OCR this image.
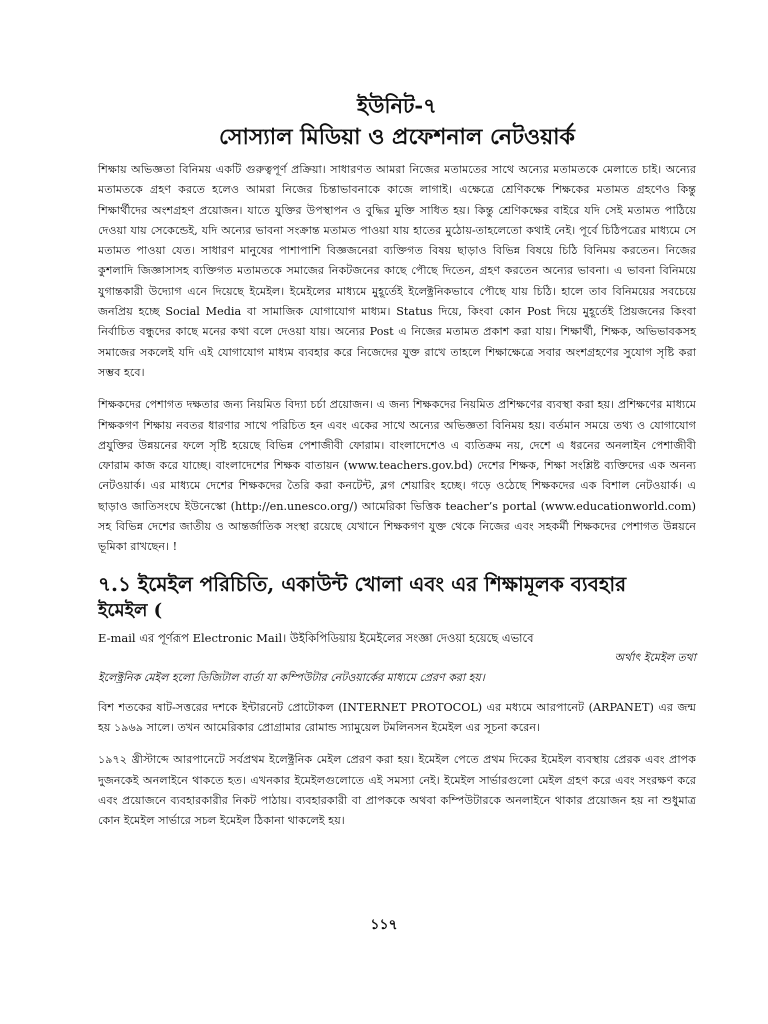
ইউনিট-৭
সোস্যাল মিডিয়া ও প্রফেশনাল নেটওয়ার্ক

শিক্ষায় অভিজ্ঞতা বিনিময় একটি গুরুত্বপূর্ণ প্রক্রিয়া। সাধারণত আমরা নিজের মতামতের সাথে অন্যের মতামতকে মেলাতে চাই। অন্যের মতামতকে গ্রহণ করতে হলেও আমরা নিজের চিন্তাভাবনাকে কাজে লাগাই। এক্ষেত্রে শ্রেণিকক্ষে শিক্ষকের মতামত গ্রহণেও কিন্তু শিক্ষার্থীদের অংশগ্রহণ প্রয়োজন। যাতে যুক্তির উপস্থাপন ও বুদ্ধির মুক্তি সাধিত হয়। কিন্তু শ্রেণিকক্ষের বাইরে যদি সেই মতামত পাঠিয়ে দেওয়া যায় সেকেন্ডেই, যদি অন্যের ভাবনা সংক্রান্ত মতামত পাওয়া যায় হাতের মুঠোয়-তাহলেতো কথাই নেই। পূর্বে চিঠিপত্রের মাধ্যমে সে মতামত পাওয়া যেত। সাধারণ মানুষের পাশাপাশি বিজ্ঞজনেরা ব্যক্তিগত বিষয় ছাড়াও বিভিন্ন বিষয়ে চিঠি বিনিময় করতেন। নিজের কুশলাদি জিজ্ঞাসাসহ ব্যক্তিগত মতামতকে সমাজের নিকটজনের কাছে পৌছে দিতেন, গ্রহণ করতেন অন্যের ভাবনা। এ ভাবনা বিনিময়ে যুগান্তকারী উদ্যোগ এনে দিয়েছে ইমেইল। ইমেইলের মাধ্যমে মুহূর্তেই ইলেক্ট্রনিকভাবে পৌছে যায় চিঠি। হালে তাব বিনিময়ের সবচেয়ে জনপ্রিয় হচ্ছে Social Media বা সামাজিক যোগাযোগ মাধ্যম। Status দিয়ে, কিংবা কোন Post দিয়ে মুহূর্তেই প্রিয়জনের কিংবা নির্বাচিত বন্ধুদের কাছে মনের কথা বলে দেওয়া যায়। অন্যের Post এ নিজের মতামত প্রকাশ করা যায়। শিক্ষার্থী, শিক্ষক, অভিভাবকসহ সমাজের সকলেই যদি এই যোগাযোগ মাধ্যম ব্যবহার করে নিজেদের যুক্ত রাখে তাহলে শিক্ষাক্ষেত্রে সবার অংশগ্রহণের সুযোগ সৃষ্টি করা সম্ভব হবে।

শিক্ষকদের পেশাগত দক্ষতার জন্য নিয়মিত বিদ্যা চর্চা প্রয়োজন। এ জন্য শিক্ষকদের নিয়মিত প্রশিক্ষণের ব্যবস্থা করা হয়। প্রশিক্ষণের মাধ্যমে শিক্ষকগণ শিক্ষায় নবতর ধারণার সাথে পরিচিত হন এবং একের সাথে অন্যের অভিজ্ঞতা বিনিময় হয়। বর্তমান সময়ে তথ্য ও যোগাযোগ প্রযুক্তির উন্নয়নের ফলে সৃষ্টি হয়েছে বিভিন্ন পেশাজীবী ফোরাম। বাংলাদেশেও এ ব্যতিক্রম নয়, দেশে এ ধরনের অনলাইন পেশাজীবী ফোরাম কাজ করে যাচ্ছে। বাংলাদেশের শিক্ষক বাতায়ন (www.teachers.gov.bd) দেশের শিক্ষক, শিক্ষা সংশ্লিষ্ট ব্যক্তিদের এক অনন্য নেটওয়ার্ক। এর মাধ্যমে দেশের শিক্ষকদের তৈরি করা কনটেন্ট, ব্লগ শেয়ারিং হচ্ছে। গড়ে ওঠেছে শিক্ষকদের এক বিশাল নেটওয়ার্ক। এ ছাড়াও জাতিসংঘে ইউনেস্কো (http://en.unesco.org/) আমেরিকা ভিত্তিক teacher’s portal (www.educationworld.com) সহ বিভিন্ন দেশের জাতীয় ও আন্তর্জাতিক সংস্থা রয়েছে যেখানে শিক্ষকগণ যুক্ত থেকে নিজের এবং সহকর্মী শিক্ষকদের পেশাগত উন্নয়নে ভূমিকা রাখছেন। !

৭.১ ইমেইল পরিচিতি, একাউন্ট খোলা এবং এর শিক্ষামূলক ব্যবহার
ইমেইল (

E-mail এর পূর্ণরূপ Electronic Mail। উইকিপিডিয়ায় ইমেইলের সংজ্ঞা দেওয়া হয়েছে এভাবে

অর্থাৎ ইমেইল তথা

ইলেক্ট্রনিক মেইল হলো ডিজিটাল বার্তা যা কম্পিউটার নেটওয়ার্কের মাধ্যমে প্রেরণ করা হয়।

বিশ শতকের ষাট-সত্তরের দশকে ইন্টারনেট প্রোটোকল (INTERNET PROTOCOL) এর মধ্যমে আরপানেট (ARPANET) এর জন্ম হয় ১৯৬৯ সালে। তখন আমেরিকার প্রোগ্রামার রোমান্ড স্যামুয়েল টমলিনসন ইমেইল এর সূচনা করেন।

১৯৭২ খ্রীস্টাব্দে আরপানেটে সর্বপ্রথম ইলেক্ট্রনিক মেইল প্রেরণ করা হয়। ইমেইল পেতে প্রথম দিকের ইমেইল ব্যবস্থায় প্রেরক এবং প্রাপক দুজনকেই অনলাইনে থাকতে হত। এখনকার ইমেইলগুলোতে এই সমস্যা নেই। ইমেইল সার্ভারগুলো মেইল গ্রহণ করে এবং সংরক্ষণ করে এবং প্রয়োজনে ব্যবহারকারীর নিকট পাঠায়। ব্যবহারকারী বা প্রাপককে অথবা কম্পিউটারকে অনলাইনে থাকার প্রয়োজন হয় না শুধুমাত্র কোন ইমেইল সার্ভারে সচল ইমেইল ঠিকানা থাকলেই হয়।

১১৭
